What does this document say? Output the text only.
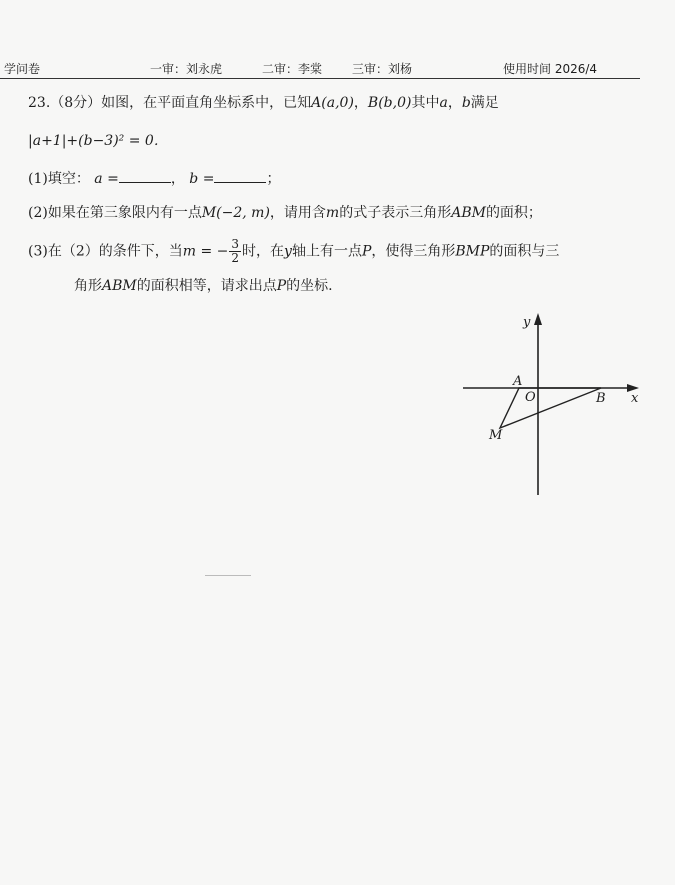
学问卷	一审：刘永虎	二审：李棠 三审：刘杨	使用时间 2026/4
23.（8分）如图，在平面直角坐标系中，已知A(a,0)，B(b,0)其中a，b满足
|a+1|+(b−3)² = 0．
(1)填空： a =	， b =	；
(2)如果在第三象限内有一点M(−2, m)，请用含m的式子表示三角形ABM的面积；
(3)在（2）的条件下，当m = − $\frac{3}{2}$ 时，在y轴上有一点P，使得三角形BMP的面积与三
角形ABM的面积相等，请求出点P的坐标.
y
x
A
O	B
M
